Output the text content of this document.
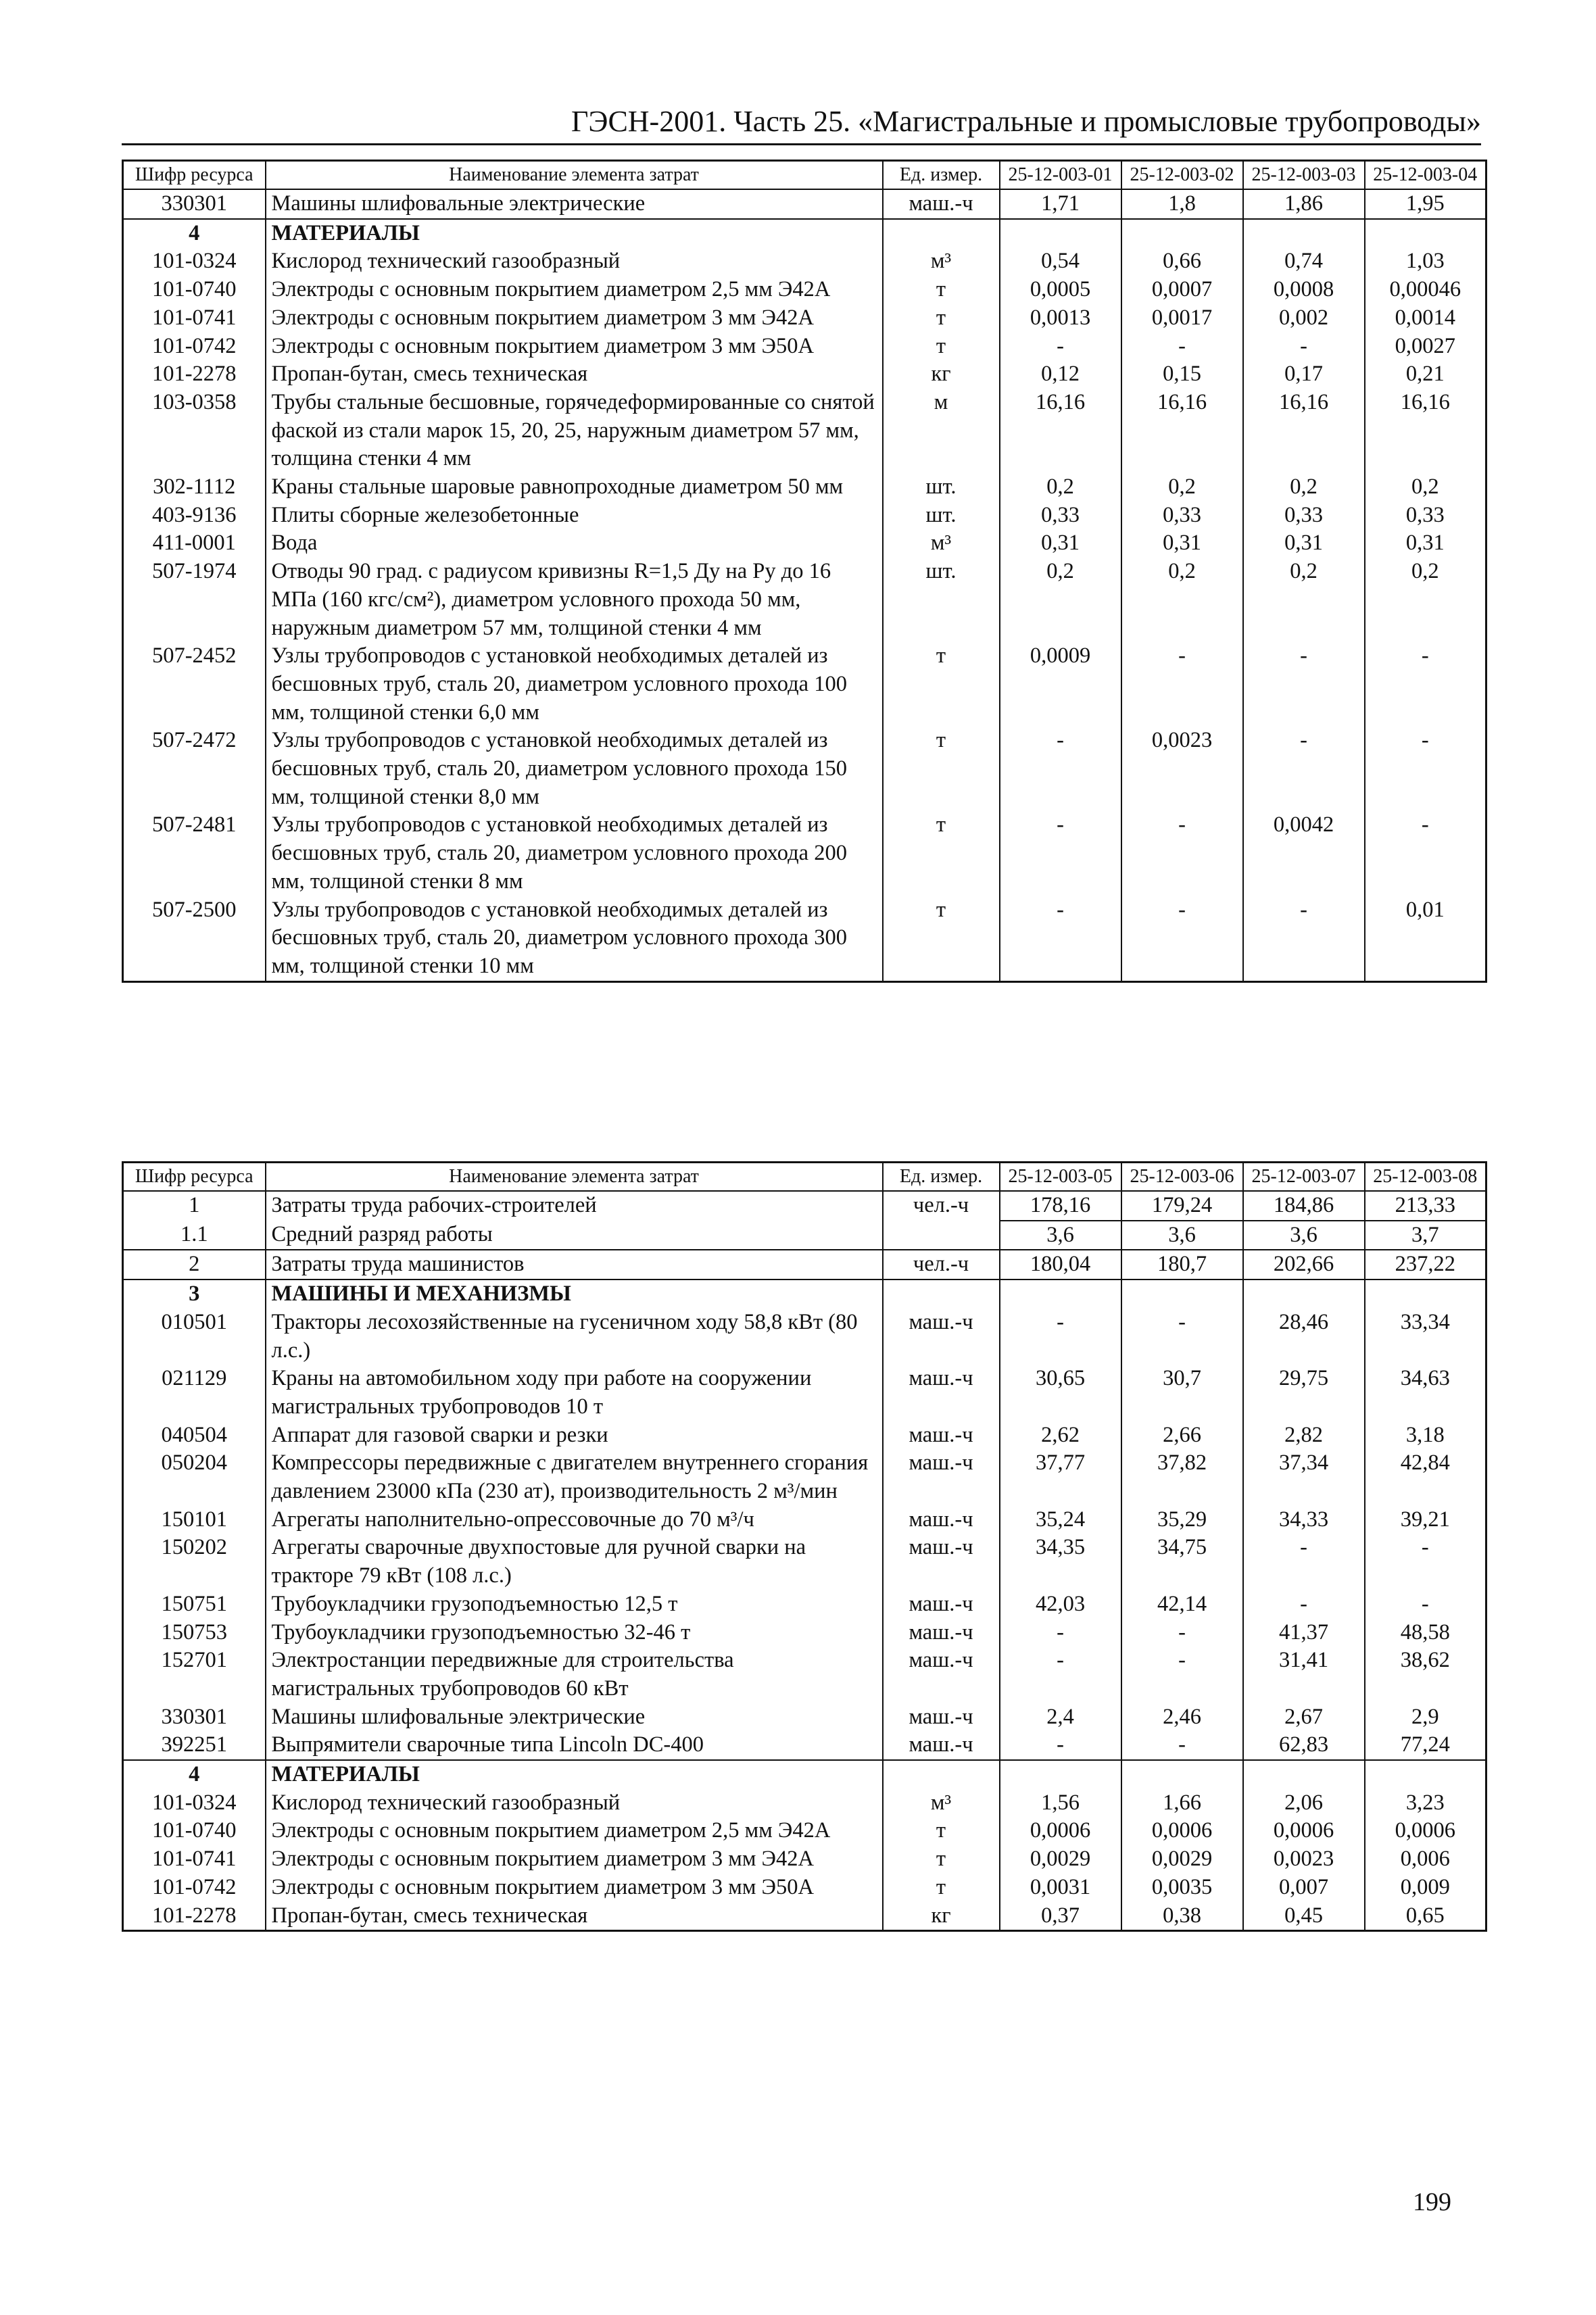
ГЭСН-2001. Часть 25. «Магистральные и промысловые трубопроводы»
Шифр ресурса	Наименование элемента затрат	Ед. измер.	25-12-003-01	25-12-003-02	25-12-003-03	25-12-003-04
330301	Машины шлифовальные электрические	маш.-ч	1,71	1,8	1,86	1,95
4	МАТЕРИАЛЫ					
101-0324	Кислород технический газообразный	м³	0,54	0,66	0,74	1,03
101-0740	Электроды с основным покрытием диаметром 2,5 мм Э42А	т	0,0005	0,0007	0,0008	0,00046
101-0741	Электроды с основным покрытием диаметром 3 мм Э42А	т	0,0013	0,0017	0,002	0,0014
101-0742	Электроды с основным покрытием диаметром 3 мм Э50А	т	-	-	-	0,0027
101-2278	Пропан-бутан, смесь техническая	кг	0,12	0,15	0,17	0,21
103-0358	Трубы стальные бесшовные, горячедеформированные со снятой фаской из стали марок 15, 20, 25, наружным диаметром 57 мм, толщина стенки 4 мм	м	16,16	16,16	16,16	16,16
302-1112	Краны стальные шаровые равнопроходные диаметром 50 мм	шт.	0,2	0,2	0,2	0,2
403-9136	Плиты сборные железобетонные	шт.	0,33	0,33	0,33	0,33
411-0001	Вода	м³	0,31	0,31	0,31	0,31
507-1974	Отводы 90 град. с радиусом кривизны R=1,5 Ду на Ру до 16 МПа (160 кгс/см²), диаметром условного прохода 50 мм, наружным диаметром 57 мм, толщиной стенки 4 мм	шт.	0,2	0,2	0,2	0,2
507-2452	Узлы трубопроводов с установкой необходимых деталей из бесшовных труб, сталь 20, диаметром условного прохода 100 мм, толщиной стенки 6,0 мм	т	0,0009	-	-	-
507-2472	Узлы трубопроводов с установкой необходимых деталей из бесшовных труб, сталь 20, диаметром условного прохода 150 мм, толщиной стенки 8,0 мм	т	-	0,0023	-	-
507-2481	Узлы трубопроводов с установкой необходимых деталей из бесшовных труб, сталь 20, диаметром условного прохода 200 мм, толщиной стенки 8 мм	т	-	-	0,0042	-
507-2500	Узлы трубопроводов с установкой необходимых деталей из бесшовных труб, сталь 20, диаметром условного прохода 300 мм, толщиной стенки 10 мм	т	-	-	-	0,01
Шифр ресурса	Наименование элемента затрат	Ед. измер.	25-12-003-05	25-12-003-06	25-12-003-07	25-12-003-08
1	Затраты труда рабочих-строителей	чел.-ч	178,16	179,24	184,86	213,33
1.1	Средний разряд работы		3,6	3,6	3,6	3,7
2	Затраты труда машинистов	чел.-ч	180,04	180,7	202,66	237,22
3	МАШИНЫ И МЕХАНИЗМЫ					
010501	Тракторы лесохозяйственные на гусеничном ходу 58,8 кВт (80 л.с.)	маш.-ч	-	-	28,46	33,34
021129	Краны на автомобильном ходу при работе на сооружении магистральных трубопроводов 10 т	маш.-ч	30,65	30,7	29,75	34,63
040504	Аппарат для газовой сварки и резки	маш.-ч	2,62	2,66	2,82	3,18
050204	Компрессоры передвижные с двигателем внутреннего сгорания давлением 23000 кПа (230 ат), производительность 2 м³/мин	маш.-ч	37,77	37,82	37,34	42,84
150101	Агрегаты наполнительно-опрессовочные до 70 м³/ч	маш.-ч	35,24	35,29	34,33	39,21
150202	Агрегаты сварочные двухпостовые для ручной сварки на тракторе 79 кВт (108 л.с.)	маш.-ч	34,35	34,75	-	-
150751	Трубоукладчики грузоподъемностью 12,5 т	маш.-ч	42,03	42,14	-	-
150753	Трубоукладчики грузоподъемностью 32-46 т	маш.-ч	-	-	41,37	48,58
152701	Электростанции передвижные для строительства магистральных трубопроводов 60 кВт	маш.-ч	-	-	31,41	38,62
330301	Машины шлифовальные электрические	маш.-ч	2,4	2,46	2,67	2,9
392251	Выпрямители сварочные типа Lincoln DC-400	маш.-ч	-	-	62,83	77,24
4	МАТЕРИАЛЫ					
101-0324	Кислород технический газообразный	м³	1,56	1,66	2,06	3,23
101-0740	Электроды с основным покрытием диаметром 2,5 мм Э42А	т	0,0006	0,0006	0,0006	0,0006
101-0741	Электроды с основным покрытием диаметром 3 мм Э42А	т	0,0029	0,0029	0,0023	0,006
101-0742	Электроды с основным покрытием диаметром 3 мм Э50А	т	0,0031	0,0035	0,007	0,009
101-2278	Пропан-бутан, смесь техническая	кг	0,37	0,38	0,45	0,65
199
